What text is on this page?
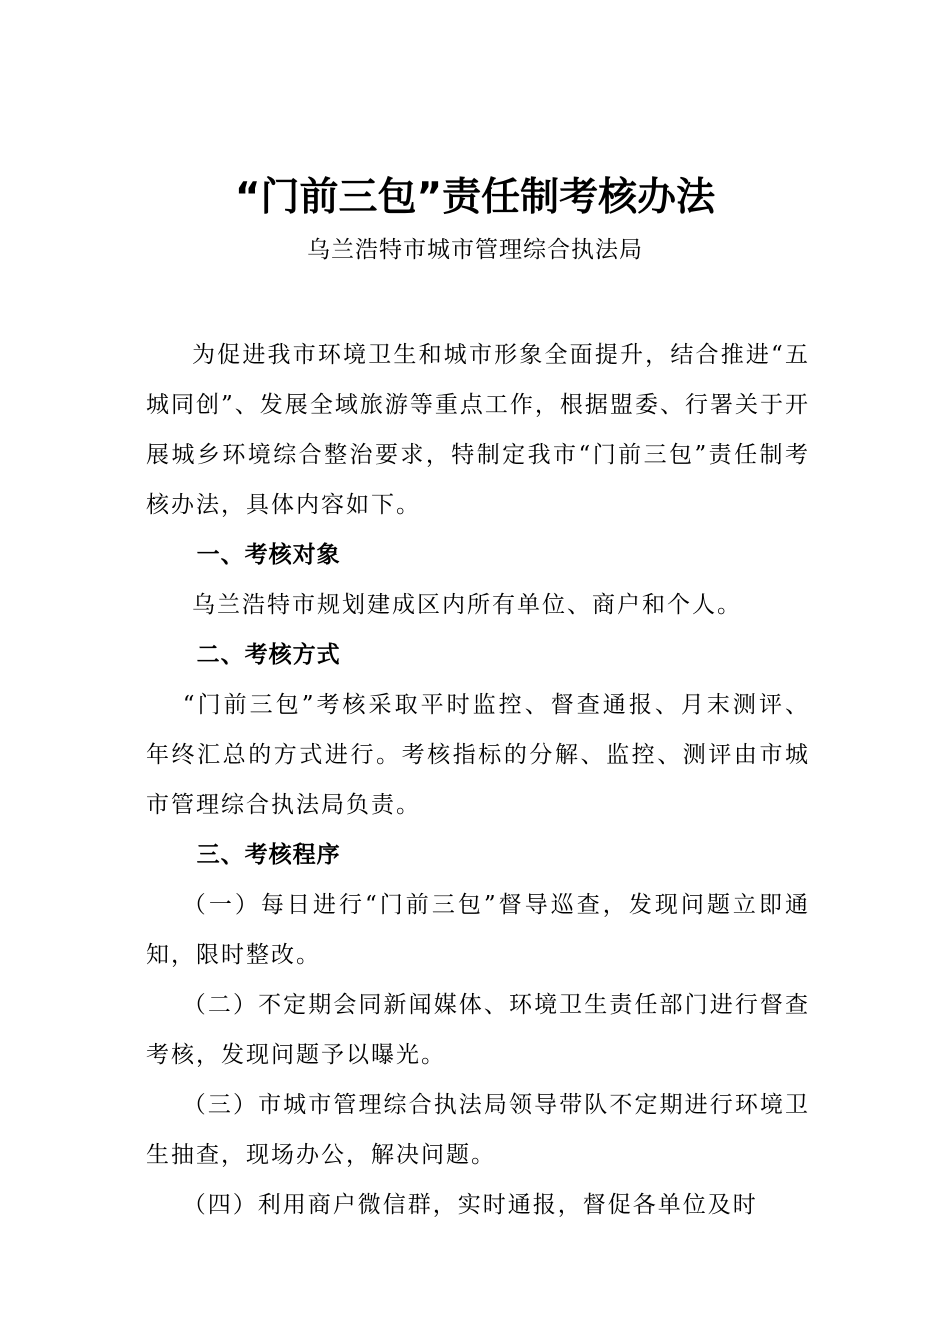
“门前三包”责任制考核办法
乌兰浩特市城市管理综合执法局

为促进我市环境卫生和城市形象全面提升，结合推进“五城同创”、发展全域旅游等重点工作，根据盟委、行署关于开展城乡环境综合整治要求，特制定我市“门前三包”责任制考核办法，具体内容如下。

一、考核对象

乌兰浩特市规划建成区内所有单位、商户和个人。

二、考核方式

“门前三包”考核采取平时监控、督查通报、月末测评、年终汇总的方式进行。考核指标的分解、监控、测评由市城市管理综合执法局负责。

三、考核程序

（一）每日进行“门前三包”督导巡查，发现问题立即通知，限时整改。

（二）不定期会同新闻媒体、环境卫生责任部门进行督查考核，发现问题予以曝光。

（三）市城市管理综合执法局领导带队不定期进行环境卫生抽查，现场办公，解决问题。

（四）利用商户微信群，实时通报，督促各单位及时
